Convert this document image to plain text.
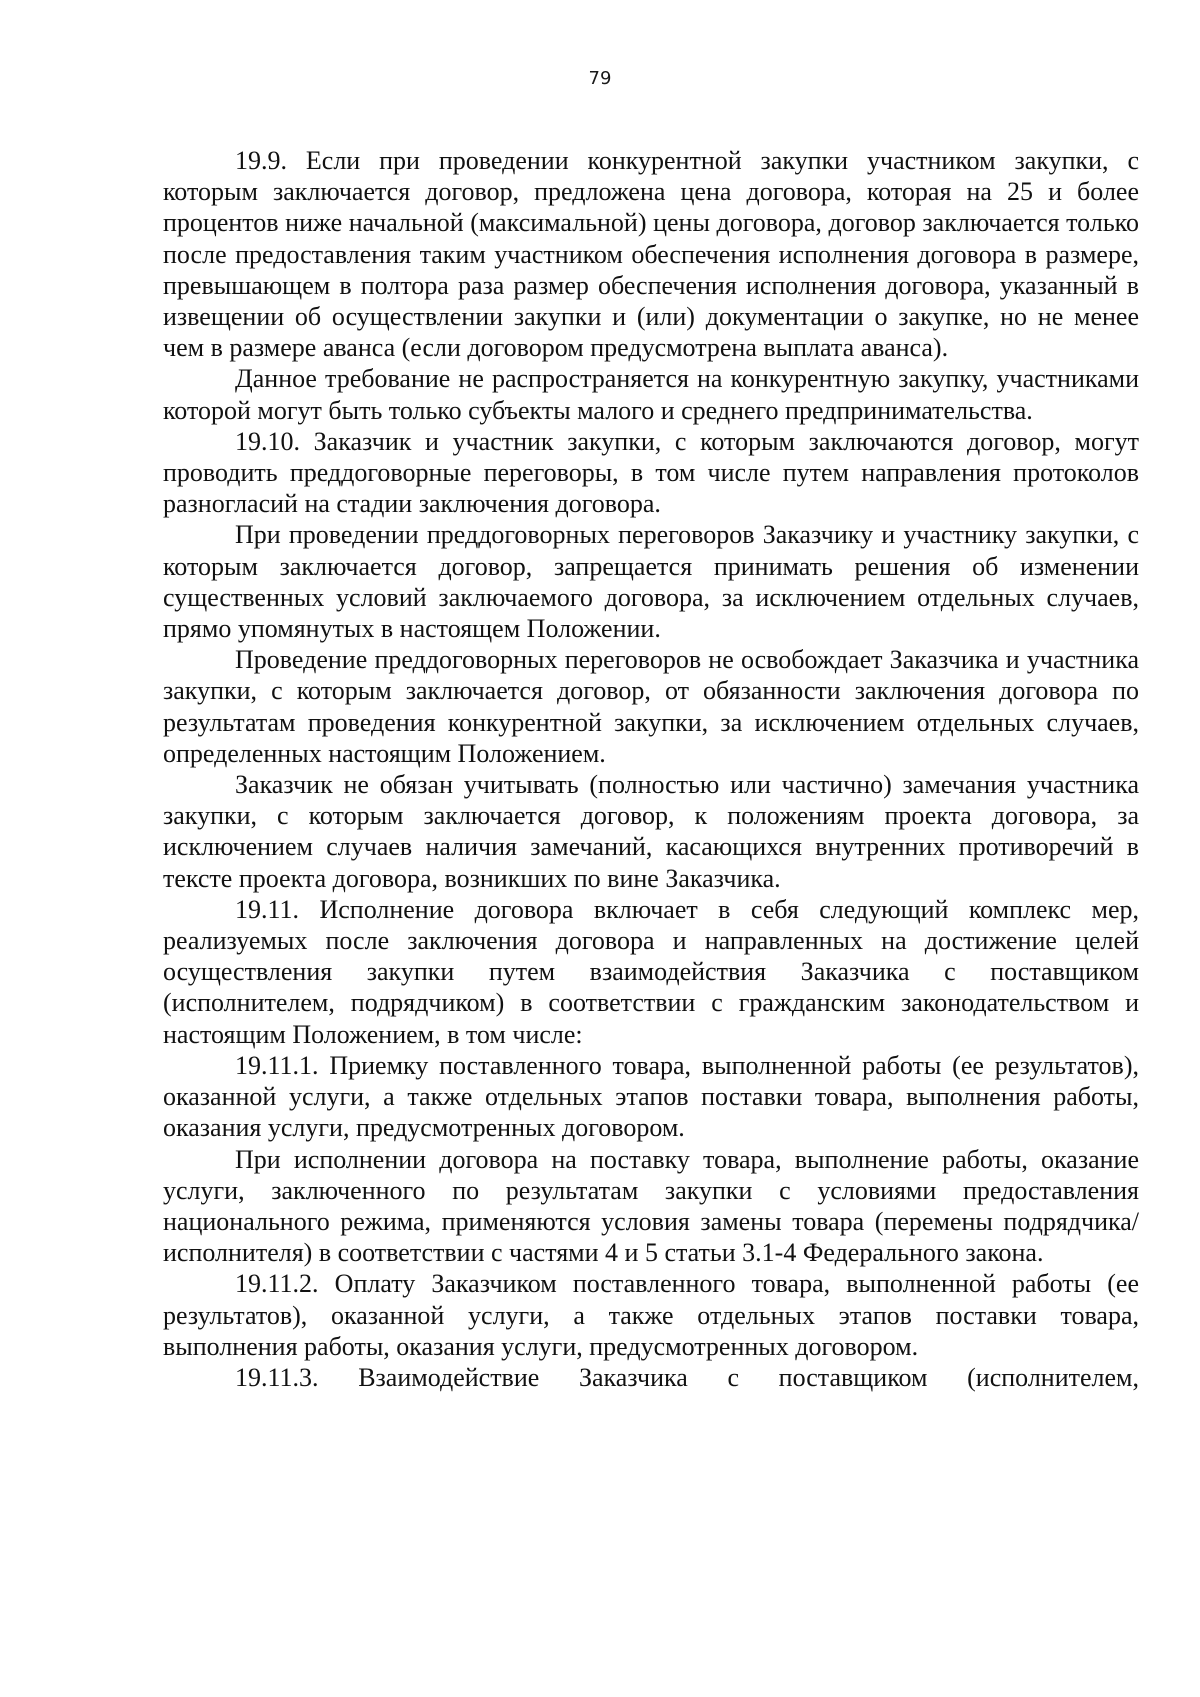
79

19.9. Если при проведении конкурентной закупки участником закупки, с которым заключается договор, предложена цена договора, которая на 25 и более процентов ниже начальной (максимальной) цены договора, договор заключается только после предоставления таким участником обеспечения исполнения договора в размере, превышающем в полтора раза размер обеспечения исполнения договора, указанный в извещении об осуществлении закупки и (или) документации о закупке, но не менее чем в размере аванса (если договором предусмотрена выплата аванса).

Данное требование не распространяется на конкурентную закупку, участниками которой могут быть только субъекты малого и среднего предпринимательства.

19.10. Заказчик и участник закупки, с которым заключаются договор, могут проводить преддоговорные переговоры, в том числе путем направления протоколов разногласий на стадии заключения договора.

При проведении преддоговорных переговоров Заказчику и участнику закупки, с которым заключается договор, запрещается принимать решения об изменении существенных условий заключаемого договора, за исключением отдельных случаев, прямо упомянутых в настоящем Положении.

Проведение преддоговорных переговоров не освобождает Заказчика и участника закупки, с которым заключается договор, от обязанности заключения договора по результатам проведения конкурентной закупки, за исключением отдельных случаев, определенных настоящим Положением.

Заказчик не обязан учитывать (полностью или частично) замечания участника закупки, с которым заключается договор, к положениям проекта договора, за исключением случаев наличия замечаний, касающихся внутренних противоречий в тексте проекта договора, возникших по вине Заказчика.

19.11. Исполнение договора включает в себя следующий комплекс мер, реализуемых после заключения договора и направленных на достижение целей осуществления закупки путем взаимодействия Заказчика с поставщиком (исполнителем, подрядчиком) в соответствии с гражданским законодательством и настоящим Положением, в том числе:

19.11.1. Приемку поставленного товара, выполненной работы (ее результатов), оказанной услуги, а также отдельных этапов поставки товара, выполнения работы, оказания услуги, предусмотренных договором.

При исполнении договора на поставку товара, выполнение работы, оказание услуги, заключенного по результатам закупки с условиями предоставления национального режима, применяются условия замены товара (перемены подрядчика/исполнителя) в соответствии с частями 4 и 5 статьи 3.1-4 Федерального закона.

19.11.2. Оплату Заказчиком поставленного товара, выполненной работы (ее результатов), оказанной услуги, а также отдельных этапов поставки товара, выполнения работы, оказания услуги, предусмотренных договором.

19.11.3. Взаимодействие Заказчика с поставщиком (исполнителем,
